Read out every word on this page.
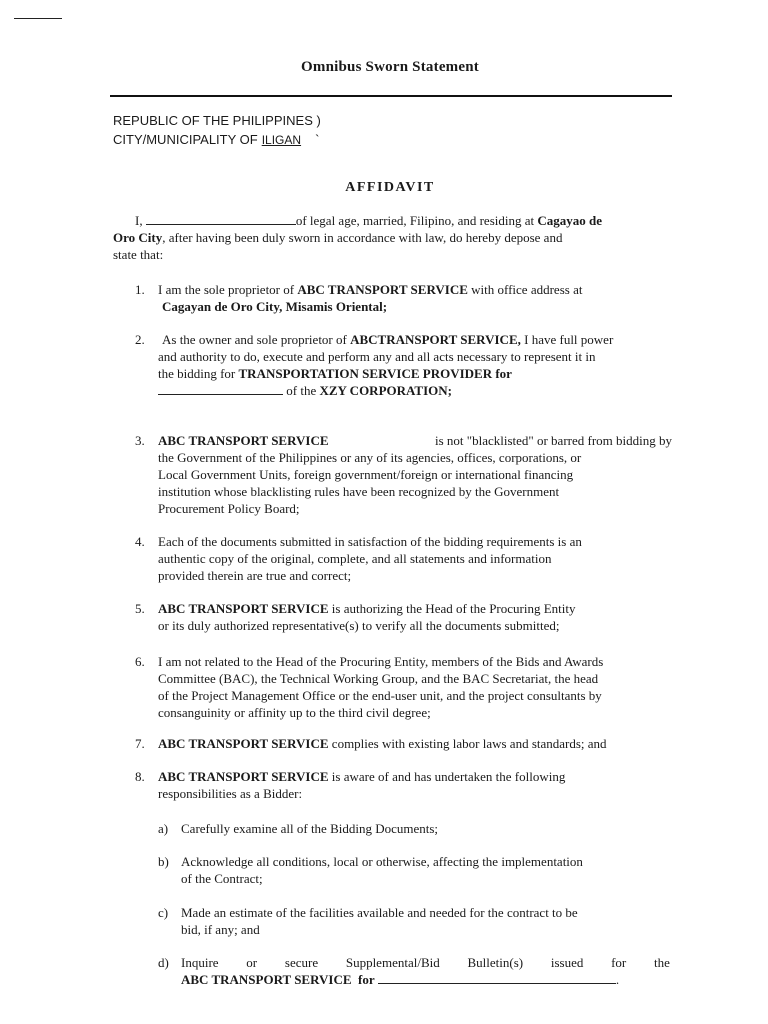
Omnibus Sworn Statement
REPUBLIC OF THE PHILIPPINES )
CITY/MUNICIPALITY OF ILIGAN `
AFFIDAVIT
I,	of legal age, married, Filipino, and residing at Cagayao de
Oro City, after having been duly sworn in accordance with law, do hereby depose and
state that:
1. I am the sole proprietor of ABC TRANSPORT SERVICE with office address at
Cagayan de Oro City, Misamis Oriental;
2.	As the owner and sole proprietor of ABCTRANSPORT SERVICE, I have full power
and authority to do, execute and perform any and all acts necessary to represent it in
the bidding for TRANSPORTATION SERVICE PROVIDER for
of the XZY CORPORATION;
3. ABC TRANSPORT SERVICE	is not "blacklisted" or barred from bidding by
the Government of the Philippines or any of its agencies, offices, corporations, or
Local Government Units, foreign government/foreign or international financing
institution whose blacklisting rules have been recognized by the Government
Procurement Policy Board;
4. Each of the documents submitted in satisfaction of the bidding requirements is an
authentic copy of the original, complete, and all statements and information
provided therein are true and correct;
5. ABC TRANSPORT SERVICE is authorizing the Head of the Procuring Entity
or its duly authorized representative(s) to verify all the documents submitted;
6. I am not related to the Head of the Procuring Entity, members of the Bids and Awards
Committee (BAC), the Technical Working Group, and the BAC Secretariat, the head
of the Project Management Office or the end-user unit, and the project consultants by
consanguinity or affinity up to the third civil degree;
7. ABC TRANSPORT SERVICE complies with existing labor laws and standards; and
8. ABC TRANSPORT SERVICE is aware of and has undertaken the following
responsibilities as a Bidder:
a) Carefully examine all of the Bidding Documents;
b) Acknowledge all conditions, local or otherwise, affecting the implementation
of the Contract;
c) Made an estimate of the facilities available and needed for the contract to be
bid, if any; and
d) Inquire or secure Supplemental/Bid Bulletin(s) issued for the
ABC TRANSPORT SERVICE for	.
